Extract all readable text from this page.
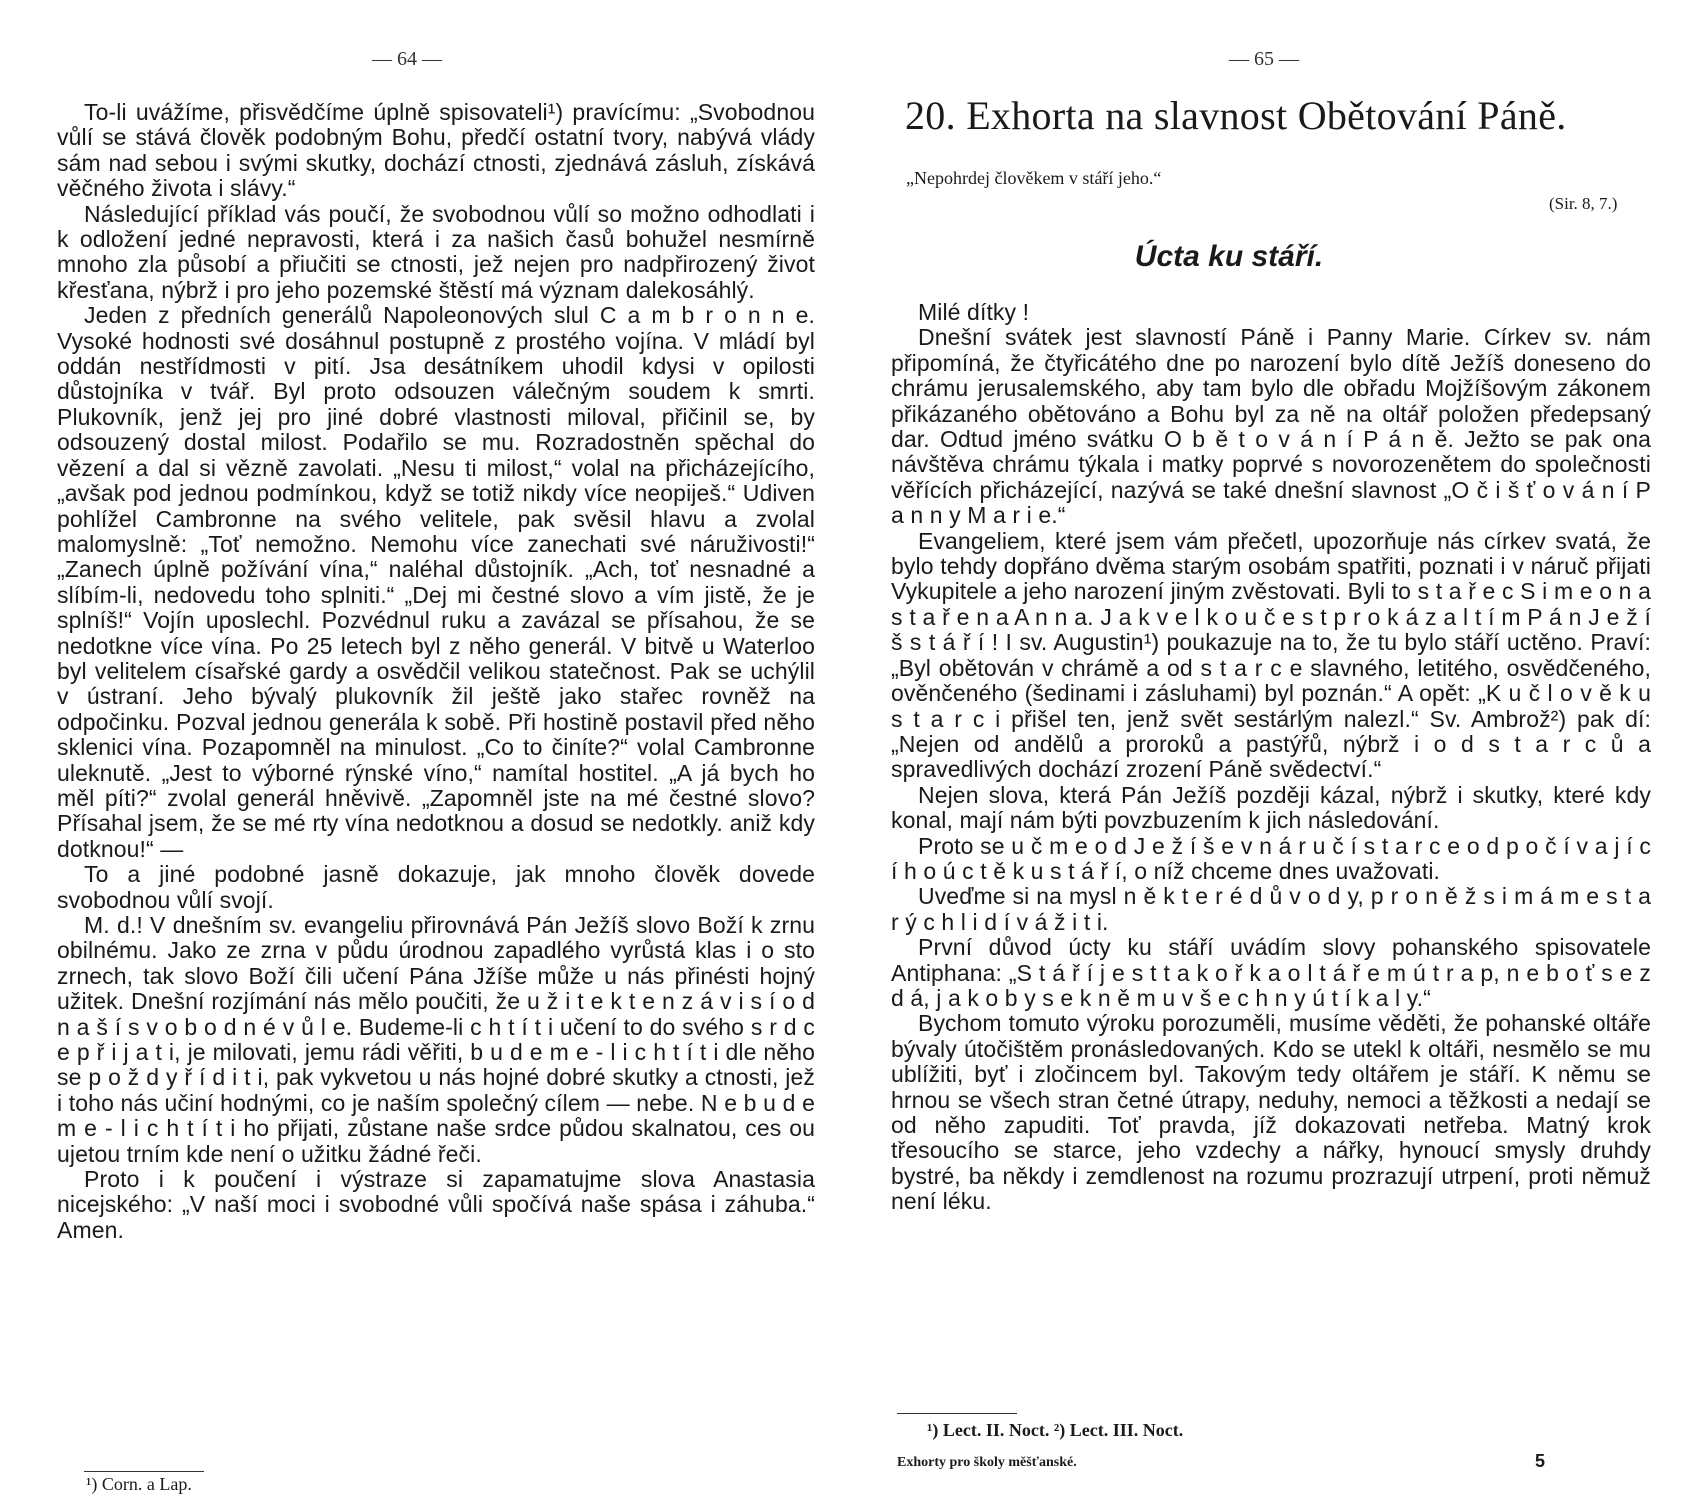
— 64 —

To-li uvážíme, přisvědčíme úplně spisovateli¹) pravícímu: „Svobodnou vůlí se stává člověk podobným Bohu, předčí ostatní tvory, nabývá vlády sám nad sebou i svými skutky, dochází ctnosti, zjednává zásluh, získává věčného života i slávy.“

Následující příklad vás poučí, že svobodnou vůlí so možno odhodlati i k odložení jedné nepravosti, která i za našich časů bohužel nesmírně mnoho zla působí a přiučiti se ctnosti, jež nejen pro nadpřirozený život křesťana, nýbrž i pro jeho pozemské štěstí má význam dalekosáhlý.

Jeden z předních generálů Napoleonových slul C a m b r o n n e. Vysoké hodnosti své dosáhnul postupně z prostého vojína. V mládí byl oddán nestřídmosti v pití. Jsa desátníkem uhodil kdysi v opilosti důstojníka v tvář. Byl proto odsouzen válečným soudem k smrti. Plukovník, jenž jej pro jiné dobré vlastnosti miloval, přičinil se, by odsouzený dostal milost. Podařilo se mu. Rozradostněn spěchal do vězení a dal si vězně zavolati. „Nesu ti milost,“ volal na přicházejícího, „avšak pod jednou podmínkou, když se totiž nikdy více neopiješ.“ Udiven pohlížel Cambronne na svého velitele, pak svěsil hlavu a zvolal malomyslně: „Toť nemožno. Nemohu více zanechati své náruživosti!“ „Zanech úplně požívání vína,“ naléhal důstojník. „Ach, toť nesnadné a slíbím-li, nedovedu toho splniti.“ „Dej mi čestné slovo a vím jistě, že je splníš!“ Vojín uposlechl. Pozvédnul ruku a zavázal se přísahou, že se nedotkne více vína. Po 25 letech byl z něho generál. V bitvě u Waterloo byl velitelem císařské gardy a osvědčil velikou statečnost. Pak se uchýlil v ústraní. Jeho bývalý plukovník žil ještě jako stařec rovněž na odpočinku. Pozval jednou generála k sobě. Při hostině postavil před něho sklenici vína. Pozapomněl na minulost. „Co to činíte?“ volal Cambronne uleknutě. „Jest to výborné rýnské víno,“ namítal hostitel. „A já bych ho měl píti?“ zvolal generál hněvivě. „Zapomněl jste na mé čestné slovo? Přísahal jsem, že se mé rty vína nedotknou a dosud se nedotkly. aniž kdy dotknou!“ —

To a jiné podobné jasně dokazuje, jak mnoho člověk dovede svobodnou vůlí svojí.

M. d.! V dnešním sv. evangeliu přirovnává Pán Ježíš slovo Boží k zrnu obilnému. Jako ze zrna v půdu úrodnou zapadlého vyrůstá klas i o sto zrnech, tak slovo Boží čili učení Pána Jžíše může u nás přinésti hojný užitek. Dnešní rozjímání nás mělo poučiti, že u ž i t e k t e n z á v i s í o d n a š í s v o b o d n é v ů l e. Budeme-li c h t í t i učení to do svého s r d c e p ř i j a t i, je milovati, jemu rádi věřiti, b u d e m e - l i c h t í t i dle něho se p o ž d y ř í d i t i, pak vykvetou u nás hojné dobré skutky a ctnosti, jež i toho nás učiní hodnými, co je naším společný cílem — nebe. N e b u d e m e - l i c h t í t i ho přijati, zůstane naše srdce půdou skalnatou, ces ou ujetou trním kde není o užitku žádné řeči.

Proto i k poučení i výstraze si zapamatujme slova Anastasia nicejského: „V naší moci i svobodné vůli spočívá naše spása i záhuba.“ Amen.

¹) Corn. a Lap.
— 65 —
20. Exhorta na slavnost Obětování Páně.
„Nepohrdej člověkem v stáří jeho.“
(Sir. 8, 7.)
Úcta ku stáří.

Milé dítky !

Dnešní svátek jest slavností Páně i Panny Marie. Církev sv. nám připomíná, že čtyřicátého dne po narození bylo dítě Ježíš doneseno do chrámu jerusalemského, aby tam bylo dle obřadu Mojžíšovým zákonem přikázaného obětováno a Bohu byl za ně na oltář položen předepsaný dar. Odtud jméno svátku O b ě t o v á n í P á n ě. Ježto se pak ona návštěva chrámu týkala i matky poprvé s novorozenětem do společnosti věřících přicházející, nazývá se také dnešní slavnost „O č i š ť o v á n í P a n n y M a r i e.“

Evangeliem, které jsem vám přečetl, upozorňuje nás církev svatá, že bylo tehdy dopřáno dvěma starým osobám spatřiti, poznati i v náruč přijati Vykupitele a jeho narození jiným zvěstovati. Byli to s t a ř e c S i m e o n a s t a ř e n a A n n a. J a k v e l k o u č e s t p r o k á z a l t í m P á n J e ž í š s t á ř í ! I sv. Augustin¹) poukazuje na to, že tu bylo stáří uctěno. Praví: „Byl obětován v chrámě a od s t a r c e slavného, letitého, osvědčeného, ověnčeného (šedinami i zásluhami) byl poznán.“ A opět: „K u č l o v ě k u s t a r c i přišel ten, jenž svět sestárlým nalezl.“ Sv. Ambrož²) pak dí: „Nejen od andělů a proroků a pastýřů, nýbrž i o d s t a r c ů a spravedlivých dochází zrození Páně svědectví.“

Nejen slova, která Pán Ježíš později kázal, nýbrž i skutky, které kdy konal, mají nám býti povzbuzením k jich následování.

Proto se u č m e o d J e ž í š e v n á r u č í s t a r c e o d p o č í v a j í c í h o ú c t ě k u s t á ř í, o níž chceme dnes uvažovati.

Uveďme si na mysl n ě k t e r é d ů v o d y, p r o n ě ž s i m á m e s t a r ý c h l i d í v á ž i t i.

První důvod úcty ku stáří uvádím slovy pohanského spisovatele Antiphana: „S t á ř í j e s t t a k o ř k a o l t á ř e m ú t r a p, n e b o ť s e z d á, j a k o b y s e k n ě m u v š e c h n y ú t í k a l y.“

Bychom tomuto výroku porozuměli, musíme věděti, že pohanské oltáře bývaly útočištěm pronásledovaných. Kdo se utekl k oltáři, nesmělo se mu ublížiti, byť i zločincem byl. Takovým tedy oltářem je stáří. K němu se hrnou se všech stran četné útrapy, neduhy, nemoci a těžkosti a nedají se od něho zapuditi. Toť pravda, jíž dokazovati netřeba. Matný krok třesoucího se starce, jeho vzdechy a nářky, hynoucí smysly druhdy bystré, ba někdy i zemdlenost na rozumu prozrazují utrpení, proti němuž není léku.

¹) Lect. II. Noct. ²) Lect. III. Noct.
Exhorty pro školy měšťanské.	5
